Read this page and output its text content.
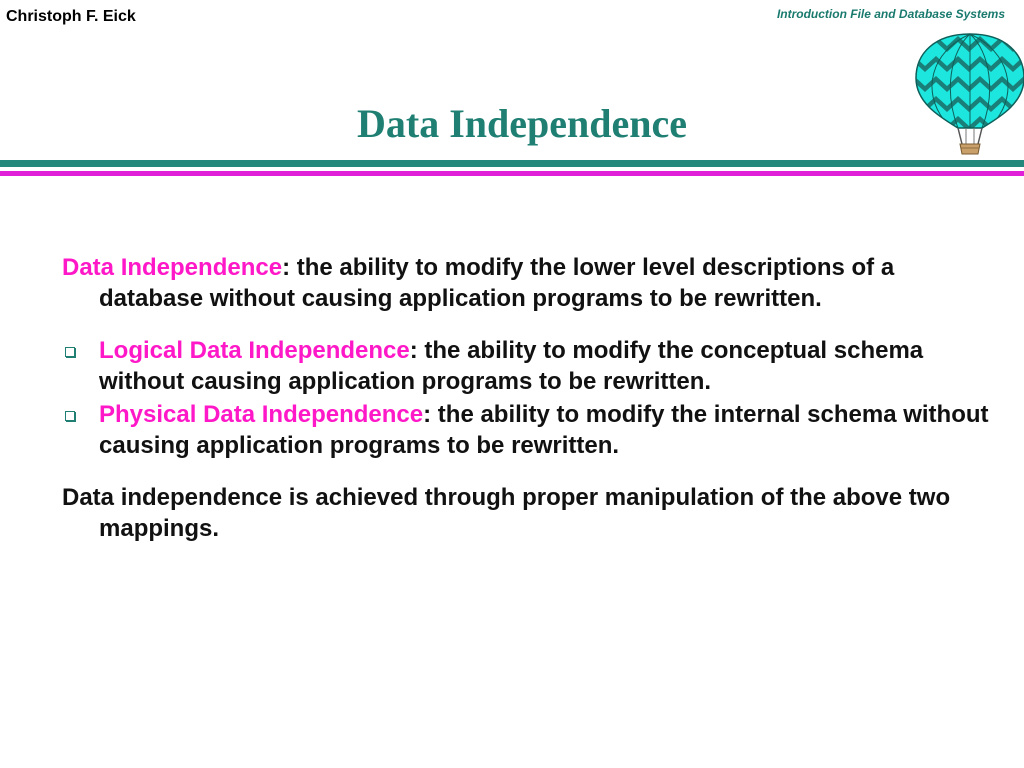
Christoph F. Eick	Introduction File and Database Systems
Data Independence
Data Independence: the ability to modify the lower level descriptions of a database without causing application programs to be rewritten.
Logical Data Independence: the ability to modify the conceptual schema without causing application programs to be rewritten.
Physical Data Independence: the ability to modify the internal schema without causing application programs to be rewritten.
Data independence is achieved through proper manipulation of the above two mappings.
